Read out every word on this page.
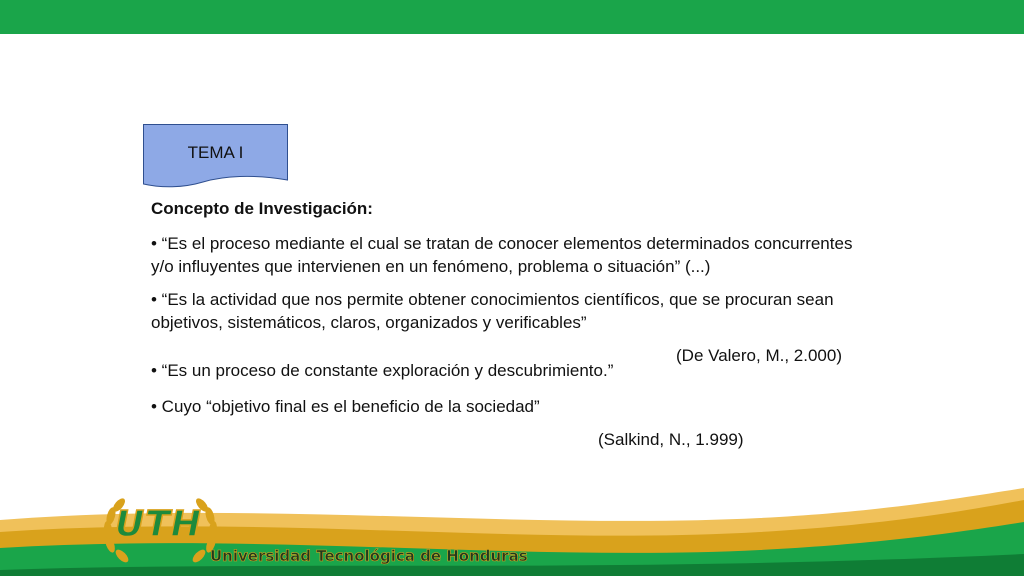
TEMA I
Concepto de Investigación:
• “Es el proceso mediante el cual se tratan de conocer elementos determinados concurrentes y/o influyentes que intervienen en un fenómeno, problema o situación” (...)
• “Es la actividad que nos permite obtener conocimientos científicos, que se procuran sean objetivos, sistemáticos, claros, organizados y verificables”
(De Valero, M., 2.000)
• “Es un proceso de constante exploración y descubrimiento.”
• Cuyo “objetivo final es el beneficio de la sociedad”
(Salkind, N., 1.999)
UTH
Universidad Tecnológica de Honduras
